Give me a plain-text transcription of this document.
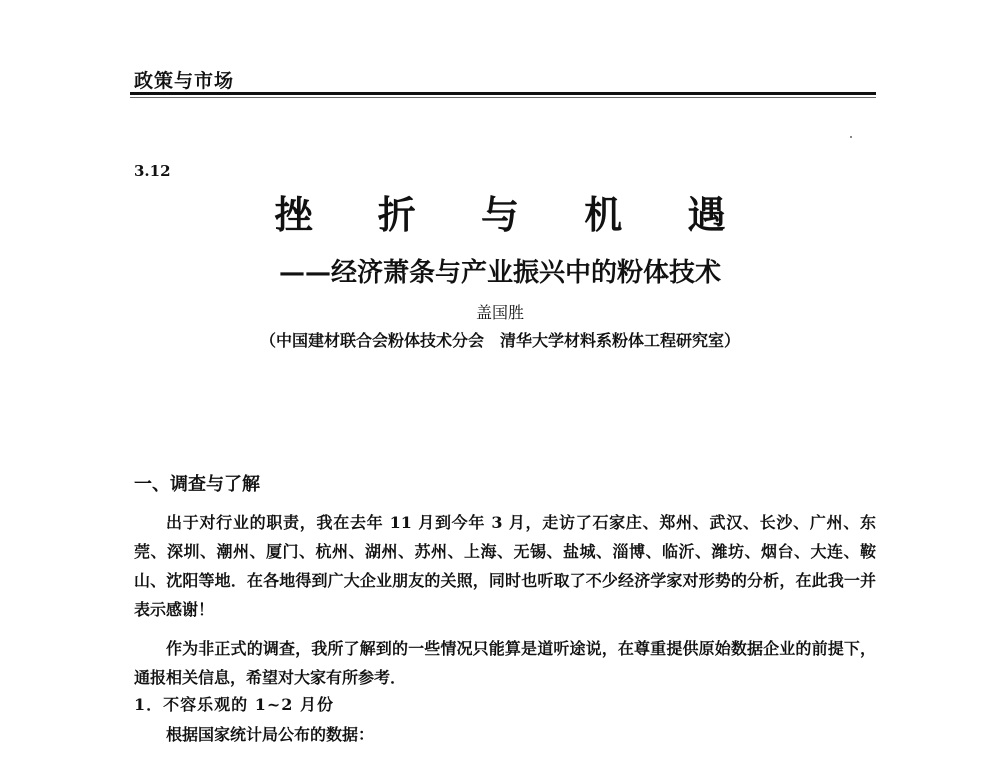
政策与市场
3.12
挫 折 与 机 遇
——经济萧条与产业振兴中的粉体技术
盖国胜
（中国建材联合会粉体技术分会　清华大学材料系粉体工程研究室）
一、调查与了解
出于对行业的职责，我在去年 11 月到今年 3 月，走访了石家庄、郑州、武汉、长沙、广州、东莞、深圳、潮州、厦门、杭州、湖州、苏州、上海、无锡、盐城、淄博、临沂、潍坊、烟台、大连、鞍山、沈阳等地．在各地得到广大企业朋友的关照，同时也听取了不少经济学家对形势的分析，在此我一并表示感谢！
作为非正式的调查，我所了解到的一些情况只能算是道听途说，在尊重提供原始数据企业的前提下，通报相关信息，希望对大家有所参考．
1．不容乐观的 1~2 月份
根据国家统计局公布的数据：
